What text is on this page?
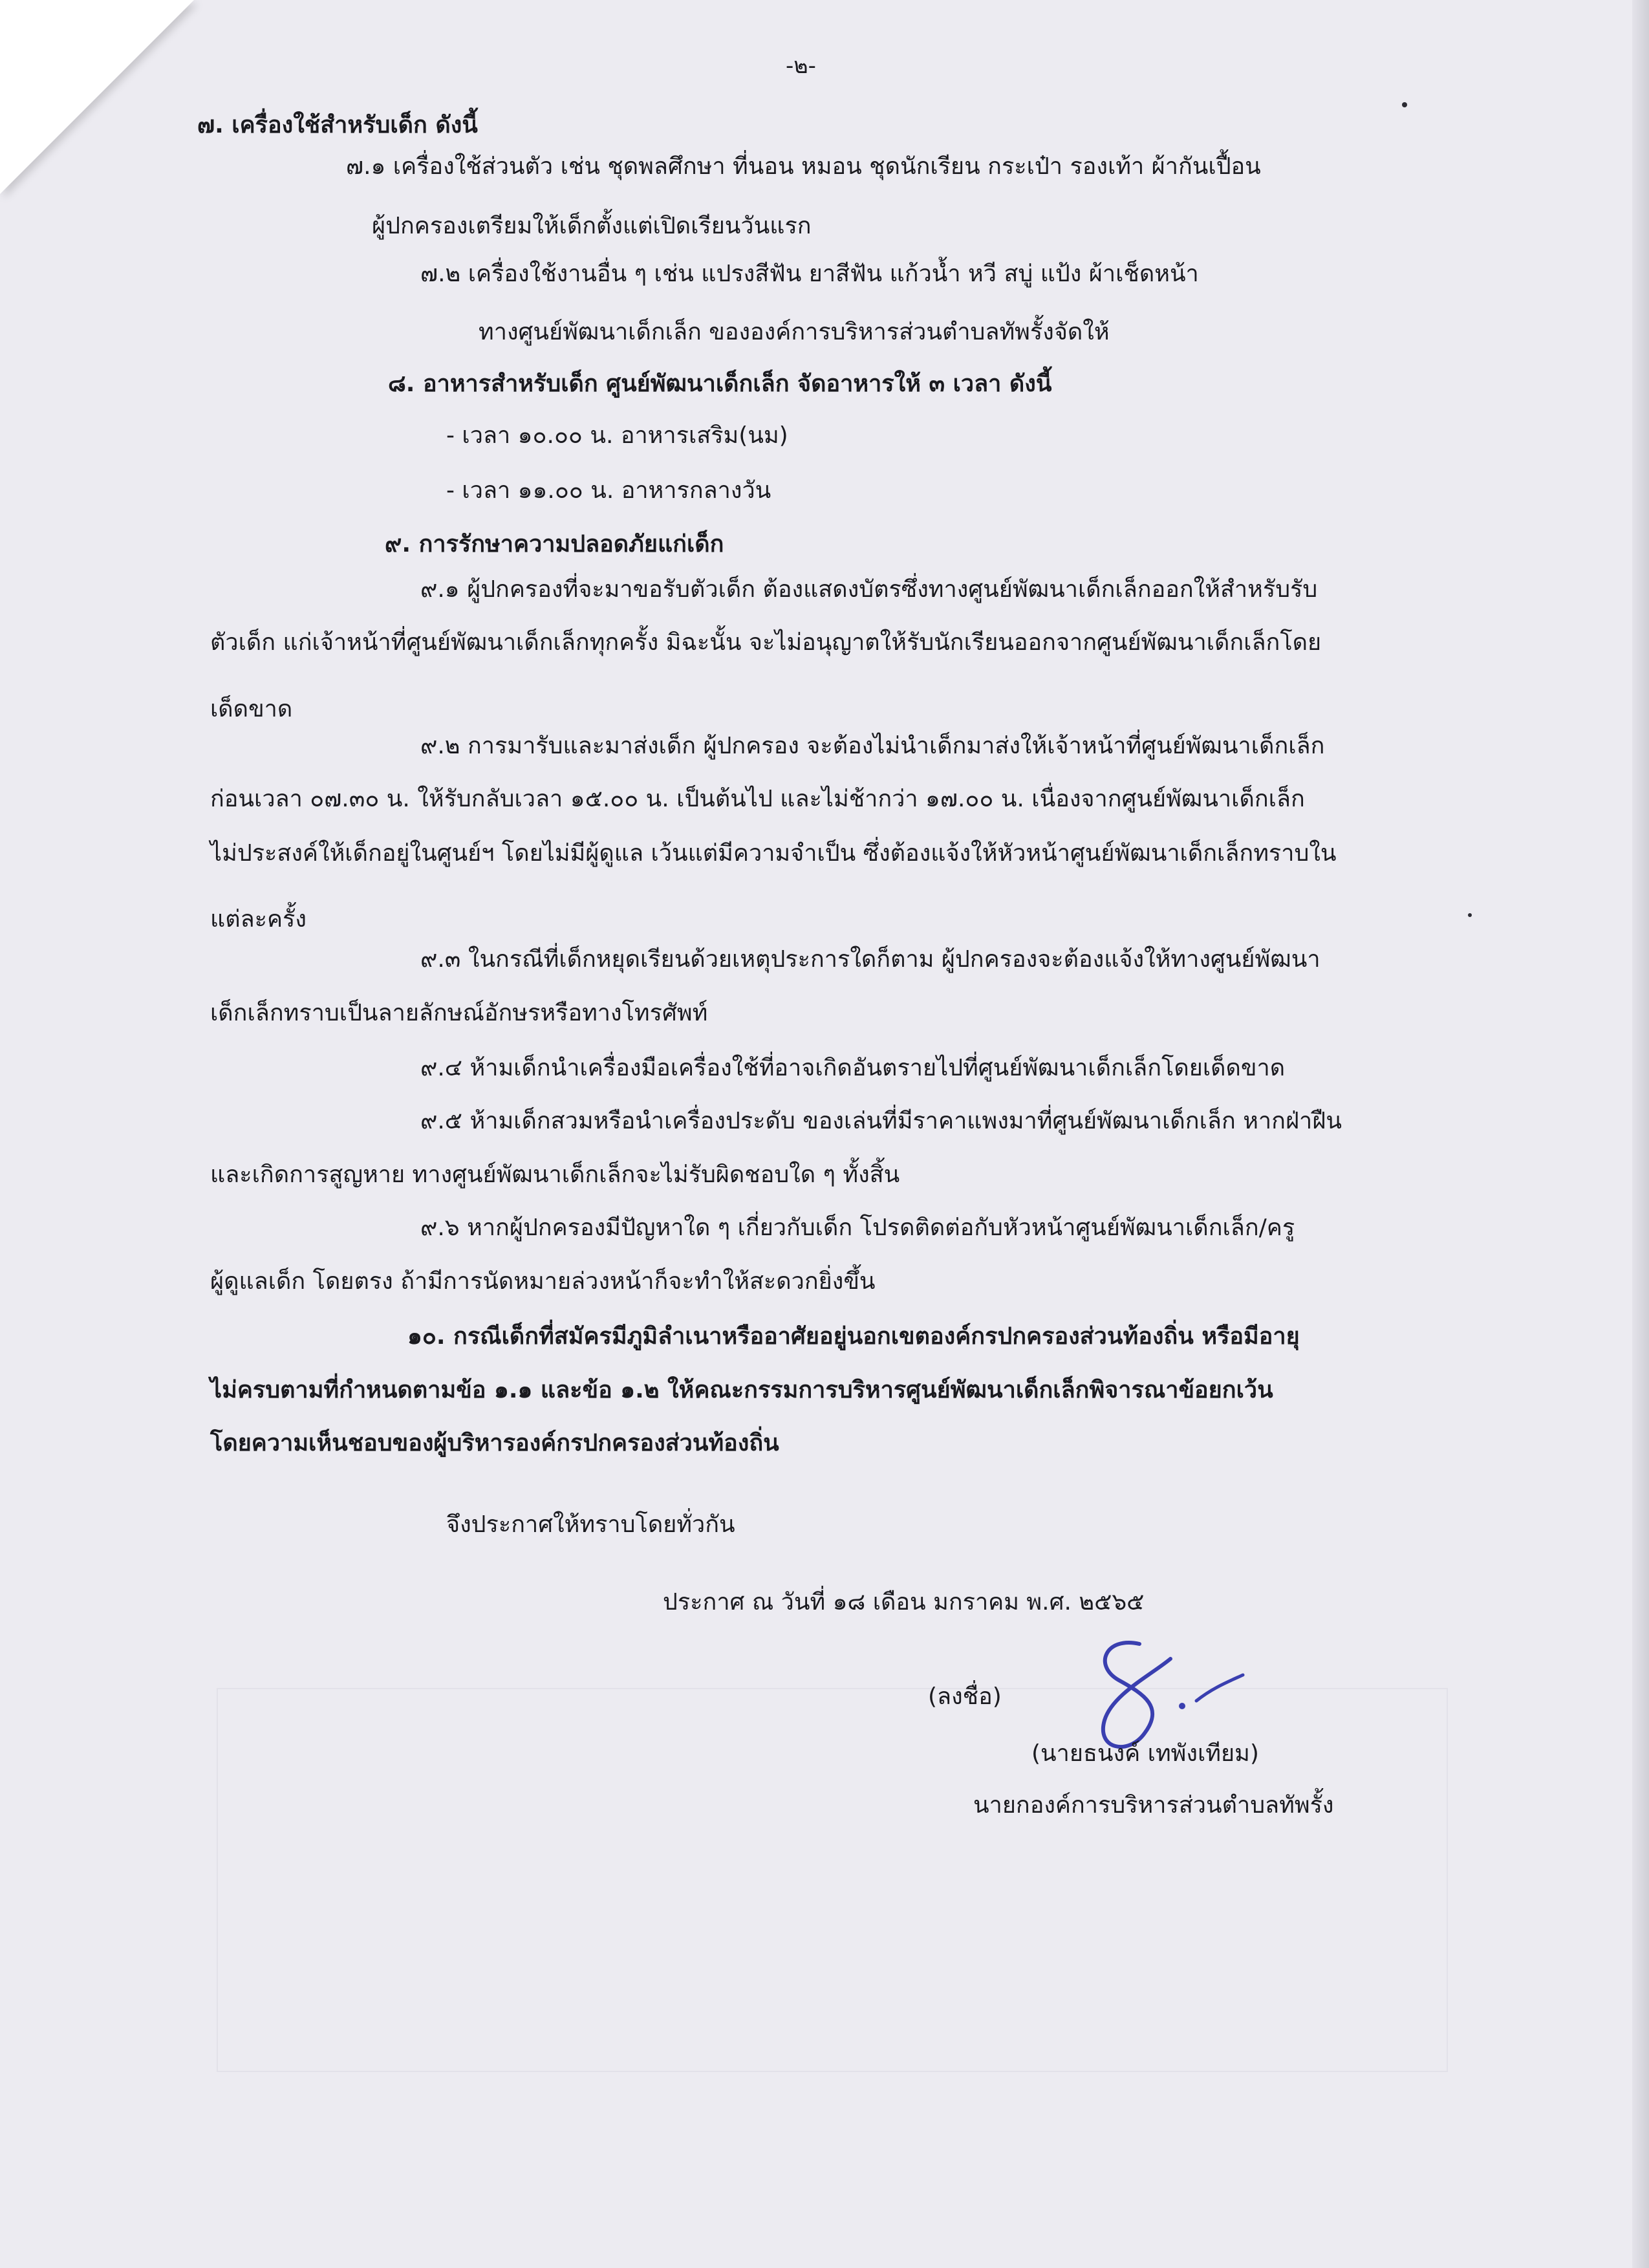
-๒-
๗. เครื่องใช้สำหรับเด็ก ดังนี้
๗.๑ เครื่องใช้ส่วนตัว เช่น ชุดพลศึกษา ที่นอน หมอน ชุดนักเรียน กระเป๋า รองเท้า ผ้ากันเปื้อน
ผู้ปกครองเตรียมให้เด็กตั้งแต่เปิดเรียนวันแรก
๗.๒ เครื่องใช้งานอื่น ๆ เช่น แปรงสีฟัน ยาสีฟัน แก้วน้ำ หวี สบู่ แป้ง ผ้าเช็ดหน้า
ทางศูนย์พัฒนาเด็กเล็ก ขององค์การบริหารส่วนตำบลทัพรั้งจัดให้
๘. อาหารสำหรับเด็ก ศูนย์พัฒนาเด็กเล็ก จัดอาหารให้ ๓ เวลา ดังนี้
- เวลา ๑๐.๐๐ น. อาหารเสริม(นม)
- เวลา ๑๑.๐๐ น. อาหารกลางวัน
๙. การรักษาความปลอดภัยแก่เด็ก
๙.๑ ผู้ปกครองที่จะมาขอรับตัวเด็ก ต้องแสดงบัตรซึ่งทางศูนย์พัฒนาเด็กเล็กออกให้สำหรับรับ
ตัวเด็ก แก่เจ้าหน้าที่ศูนย์พัฒนาเด็กเล็กทุกครั้ง มิฉะนั้น จะไม่อนุญาตให้รับนักเรียนออกจากศูนย์พัฒนาเด็กเล็กโดย
เด็ดขาด
๙.๒ การมารับและมาส่งเด็ก ผู้ปกครอง จะต้องไม่นำเด็กมาส่งให้เจ้าหน้าที่ศูนย์พัฒนาเด็กเล็ก
ก่อนเวลา ๐๗.๓๐ น. ให้รับกลับเวลา ๑๕.๐๐ น. เป็นต้นไป และไม่ช้ากว่า ๑๗.๐๐ น. เนื่องจากศูนย์พัฒนาเด็กเล็ก
ไม่ประสงค์ให้เด็กอยู่ในศูนย์ฯ โดยไม่มีผู้ดูแล เว้นแต่มีความจำเป็น ซึ่งต้องแจ้งให้หัวหน้าศูนย์พัฒนาเด็กเล็กทราบใน
แต่ละครั้ง
๙.๓ ในกรณีที่เด็กหยุดเรียนด้วยเหตุประการใดก็ตาม ผู้ปกครองจะต้องแจ้งให้ทางศูนย์พัฒนา
เด็กเล็กทราบเป็นลายลักษณ์อักษรหรือทางโทรศัพท์
๙.๔ ห้ามเด็กนำเครื่องมือเครื่องใช้ที่อาจเกิดอันตรายไปที่ศูนย์พัฒนาเด็กเล็กโดยเด็ดขาด
๙.๕ ห้ามเด็กสวมหรือนำเครื่องประดับ ของเล่นที่มีราคาแพงมาที่ศูนย์พัฒนาเด็กเล็ก หากฝ่าฝืน
และเกิดการสูญหาย ทางศูนย์พัฒนาเด็กเล็กจะไม่รับผิดชอบใด ๆ ทั้งสิ้น
๙.๖ หากผู้ปกครองมีปัญหาใด ๆ เกี่ยวกับเด็ก โปรดติดต่อกับหัวหน้าศูนย์พัฒนาเด็กเล็ก/ครู
ผู้ดูแลเด็ก โดยตรง ถ้ามีการนัดหมายล่วงหน้าก็จะทำให้สะดวกยิ่งขึ้น
๑๐. กรณีเด็กที่สมัครมีภูมิลำเนาหรืออาศัยอยู่นอกเขตองค์กรปกครองส่วนท้องถิ่น หรือมีอายุ
ไม่ครบตามที่กำหนดตามข้อ ๑.๑ และข้อ ๑.๒ ให้คณะกรรมการบริหารศูนย์พัฒนาเด็กเล็กพิจารณาข้อยกเว้น
โดยความเห็นชอบของผู้บริหารองค์กรปกครองส่วนท้องถิ่น
จึงประกาศให้ทราบโดยทั่วกัน
ประกาศ ณ วันที่ ๑๘ เดือน มกราคม พ.ศ. ๒๕๖๕
(ลงชื่อ)
(นายธนงค์ เทพังเทียม)
นายกองค์การบริหารส่วนตำบลทัพรั้ง
